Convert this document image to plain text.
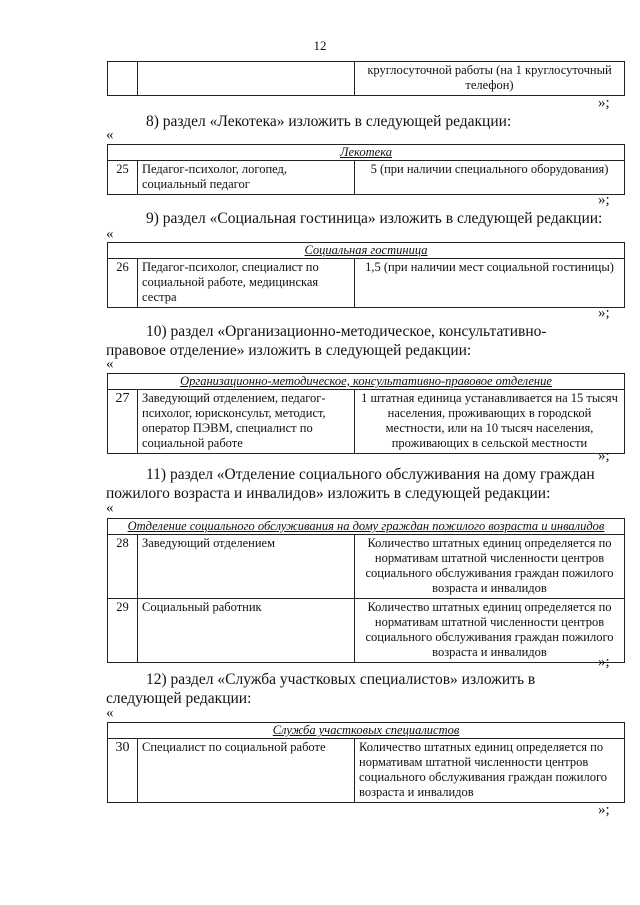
12
		круглосуточной работы (на 1 круглосуточный телефон)
»;
8) раздел «Лекотека» изложить в следующей редакции:
«
Лекотека
25	Педагог-психолог, логопед, социальный педагог	5 (при наличии специального оборудования)
»;
9) раздел «Социальная гостиница» изложить в следующей редакции:
«
Социальная гостиница
26	Педагог-психолог, специалист по социальной работе, медицинская сестра	1,5 (при наличии мест социальной гостиницы)
»;
10) раздел «Организационно-методическое, консультативно-
правовое отделение» изложить в следующей редакции:
«
Организационно-методическое, консультативно-правовое отделение
27	Заведующий отделением, педагог-психолог, юрисконсульт, методист, оператор ПЭВМ, специалист по социальной работе	1 штатная единица устанавливается на 15 тысяч населения, проживающих в городской местности, или на 10 тысяч населения, проживающих в сельской местности
»;
11) раздел «Отделение социального обслуживания на дому граждан
пожилого возраста и инвалидов» изложить в следующей редакции:
«
Отделение социального обслуживания на дому граждан пожилого возраста и инвалидов		
28	Заведующий отделением	Количество штатных единиц определяется по нормативам штатной численности центров социального обслуживания граждан пожилого возраста и инвалидов
29	Социальный работник	Количество штатных единиц определяется по нормативам штатной численности центров социального обслуживания граждан пожилого возраста и инвалидов
»;
12) раздел «Служба участковых специалистов» изложить в
следующей редакции:
«
Служба участковых специалистов
30	Специалист по социальной работе	Количество штатных единиц определяется по нормативам штатной численности центров социального обслуживания граждан пожилого возраста и инвалидов
»;
